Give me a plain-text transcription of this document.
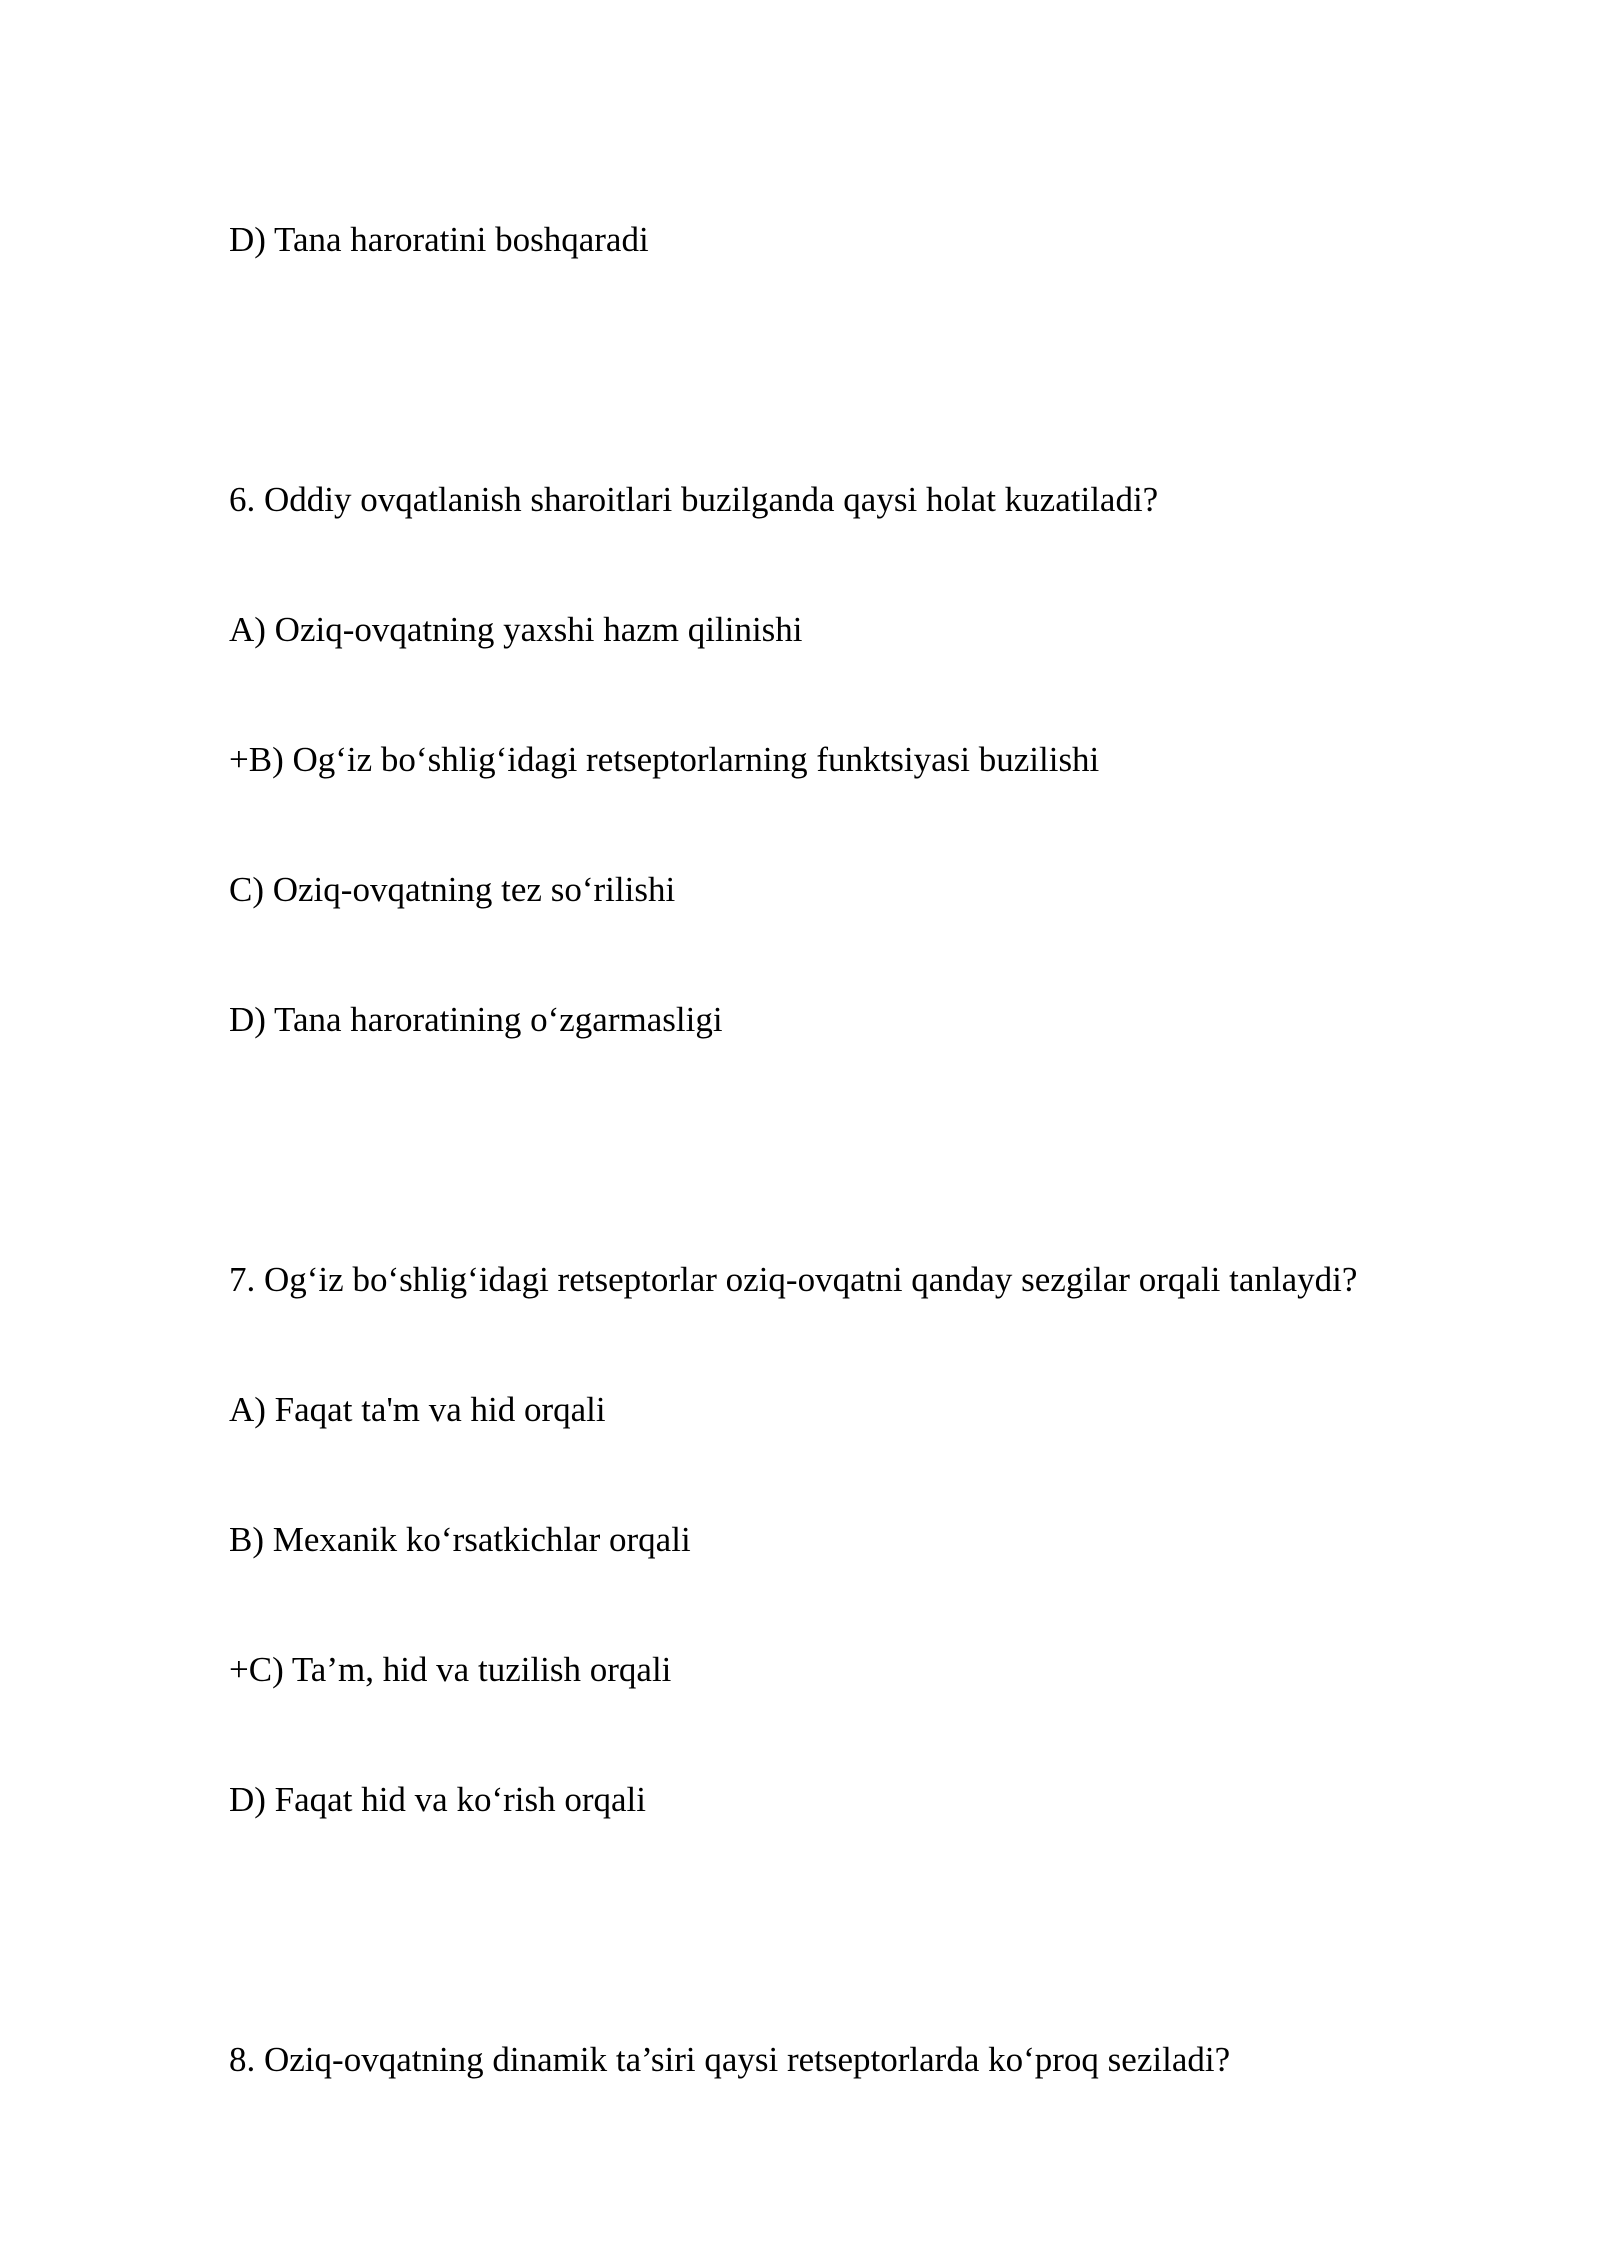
D) Tana haroratini boshqaradi
6. Oddiy ovqatlanish sharoitlari buzilganda qaysi holat kuzatiladi?
A) Oziq-ovqatning yaxshi hazm qilinishi
+B) Og‘iz bo‘shlig‘idagi retseptorlarning funktsiyasi buzilishi
C) Oziq-ovqatning tez so‘rilishi
D) Tana haroratining o‘zgarmasligi
7. Og‘iz bo‘shlig‘idagi retseptorlar oziq-ovqatni qanday sezgilar orqali tanlaydi?
A) Faqat ta'm va hid orqali
B) Mexanik ko‘rsatkichlar orqali
+C) Ta’m, hid va tuzilish orqali
D) Faqat hid va ko‘rish orqali
8. Oziq-ovqatning dinamik ta’siri qaysi retseptorlarda ko‘proq seziladi?
